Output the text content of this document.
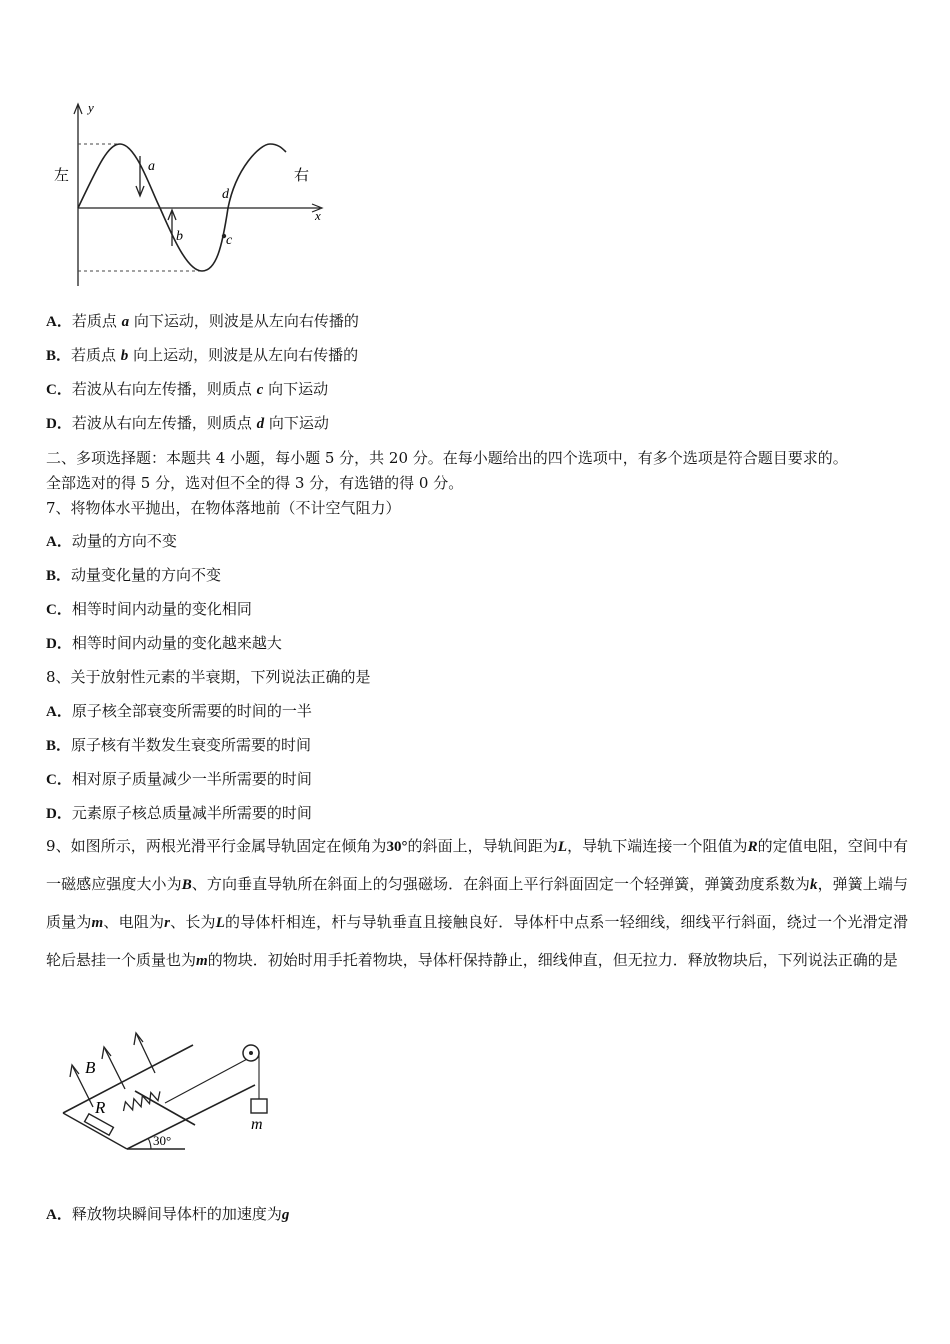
y
x
左	右
a
b	c
d
A．若质点 a 向下运动，则波是从左向右传播的
B．若质点 b 向上运动，则波是从左向右传播的
C．若波从右向左传播，则质点 c 向下运动
D．若波从右向左传播，则质点 d 向下运动
二、多项选择题：本题共 4 小题，每小题 5 分，共 20 分。在每小题给出的四个选项中，有多个选项是符合题目要求的。
全部选对的得 5 分，选对但不全的得 3 分，有选错的得 0 分。
7、将物体水平抛出，在物体落地前（不计空气阻力）
A．动量的方向不变
B．动量变化量的方向不变
C．相等时间内动量的变化相同
D．相等时间内动量的变化越来越大
8、关于放射性元素的半衰期，下列说法正确的是
A．原子核全部衰变所需要的时间的一半
B．原子核有半数发生衰变所需要的时间
C．相对原子质量减少一半所需要的时间
D．元素原子核总质量减半所需要的时间
9、如图所示，两根光滑平行金属导轨固定在倾角为30°的斜面上，导轨间距为L，导轨下端连接一个阻值为R的定值电阻，空间中有一磁感应强度大小为B、方向垂直导轨所在斜面上的匀强磁场．在斜面上平行斜面固定一个轻弹簧，弹簧劲度系数为k，弹簧上端与质量为m、电阻为r、长为L的导体杆相连，杆与导轨垂直且接触良好．导体杆中点系一轻细线，细线平行斜面，绕过一个光滑定滑轮后悬挂一个质量也为m的物块．初始时用手托着物块，导体杆保持静止，细线伸直，但无拉力．释放物块后，下列说法正确的是
R
m
B
30°
A．释放物块瞬间导体杆的加速度为g
